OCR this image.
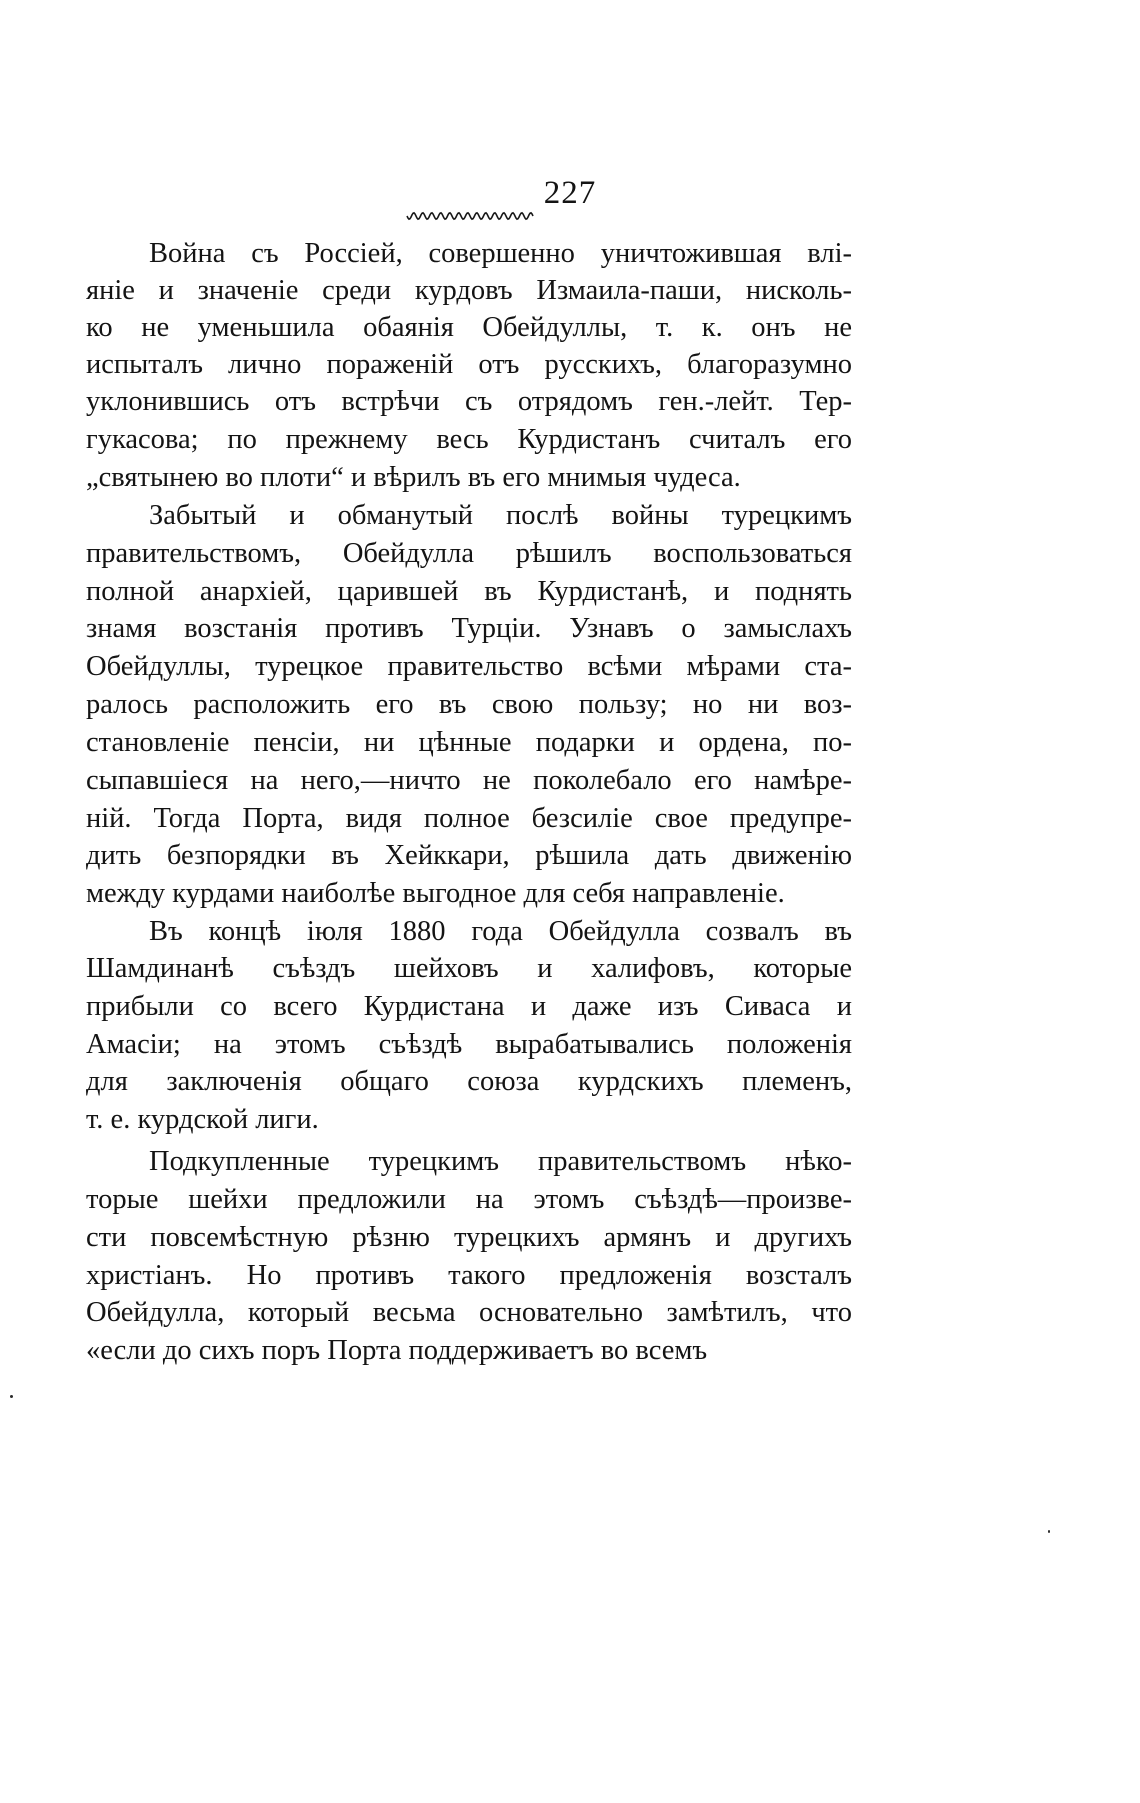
227
Война съ Россіей, совершенно уничтожившая влі-
яніе и значеніе среди курдовъ Измаила-паши, нисколь-
ко не уменьшила обаянія Обейдуллы, т. к. онъ не
испыталъ лично пораженій отъ русскихъ, благоразумно
уклонившись отъ встрѣчи съ отрядомъ ген.-лейт. Тер-
гукасова; по прежнему весь Курдистанъ считалъ его
„святынею во плоти“ и вѣрилъ въ его мнимыя чудеса.
Забытый и обманутый послѣ войны турецкимъ
правительствомъ, Обейдулла рѣшилъ воспользоваться
полной анархіей, царившей въ Курдистанѣ, и поднять
знамя возстанія противъ Турціи. Узнавъ о замыслахъ
Обейдуллы, турецкое правительство всѣми мѣрами ста-
ралось расположить его въ свою пользу; но ни воз-
становленіе пенсіи, ни цѣнные подарки и ордена, по-
сыпавшіеся на него,—ничто не поколебало его намѣре-
ній. Тогда Порта, видя полное безсиліе свое предупре-
дить безпорядки въ Хейккари, рѣшила дать движенію
между курдами наиболѣе выгодное для себя направленіе.
Въ концѣ іюля 1880 года Обейдулла созвалъ въ
Шамдинанѣ съѣздъ шейховъ и халифовъ, которые
прибыли со всего Курдистана и даже изъ Сиваса и
Амасіи; на этомъ съѣздѣ вырабатывались положенія
для заключенія общаго союза курдскихъ племенъ,
т. е. курдской лиги.
Подкупленные турецкимъ правительствомъ нѣко-
торые шейхи предложили на этомъ съѣздѣ—произве-
сти повсемѣстную рѣзню турецкихъ армянъ и другихъ
христіанъ. Но противъ такого предложенія возсталъ
Обейдулла, который весьма основательно замѣтилъ, что
«если до сихъ поръ Порта поддерживаетъ во всемъ
